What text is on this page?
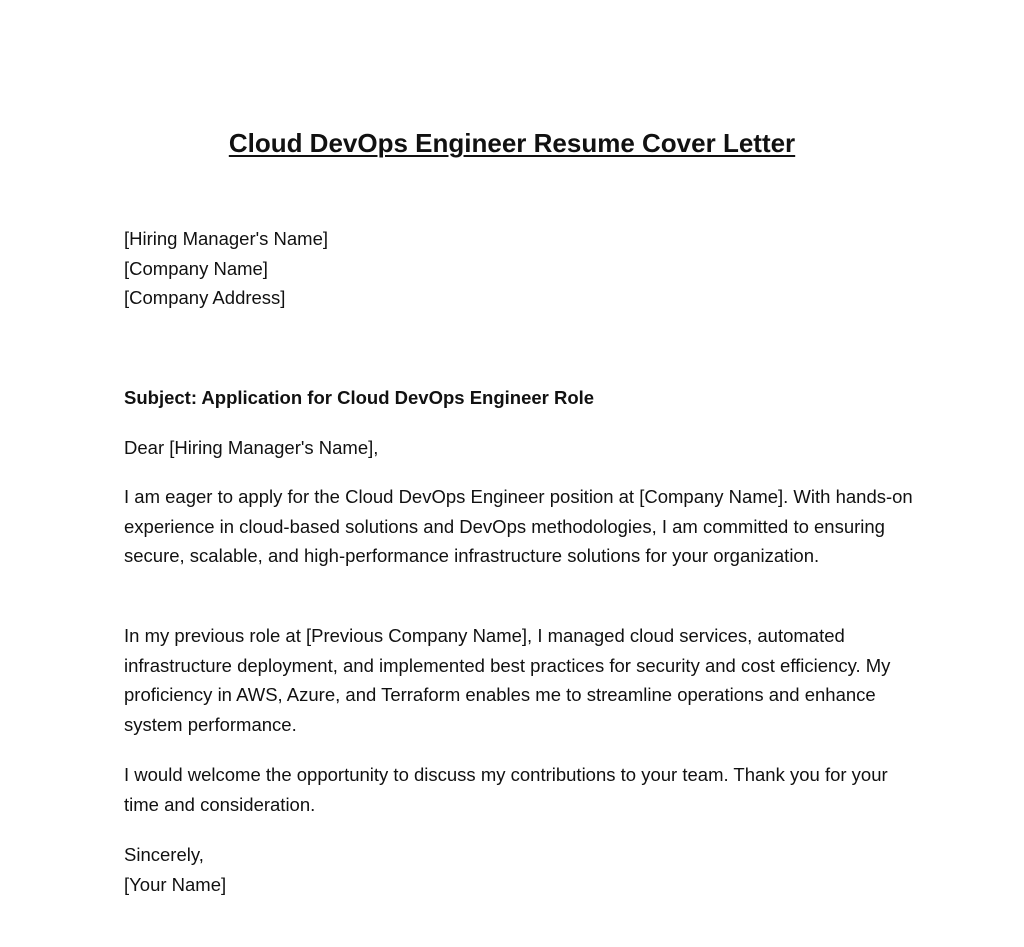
Cloud DevOps Engineer Resume Cover Letter
[Hiring Manager's Name]
[Company Name]
[Company Address]

Subject: Application for Cloud DevOps Engineer Role

Dear [Hiring Manager's Name],

I am eager to apply for the Cloud DevOps Engineer position at [Company Name]. With hands-on experience in cloud-based solutions and DevOps methodologies, I am committed to ensuring secure, scalable, and high-performance infrastructure solutions for your organization.

In my previous role at [Previous Company Name], I managed cloud services, automated infrastructure deployment, and implemented best practices for security and cost efficiency. My proficiency in AWS, Azure, and Terraform enables me to streamline operations and enhance system performance.

I would welcome the opportunity to discuss my contributions to your team. Thank you for your time and consideration.

Sincerely,
[Your Name]
